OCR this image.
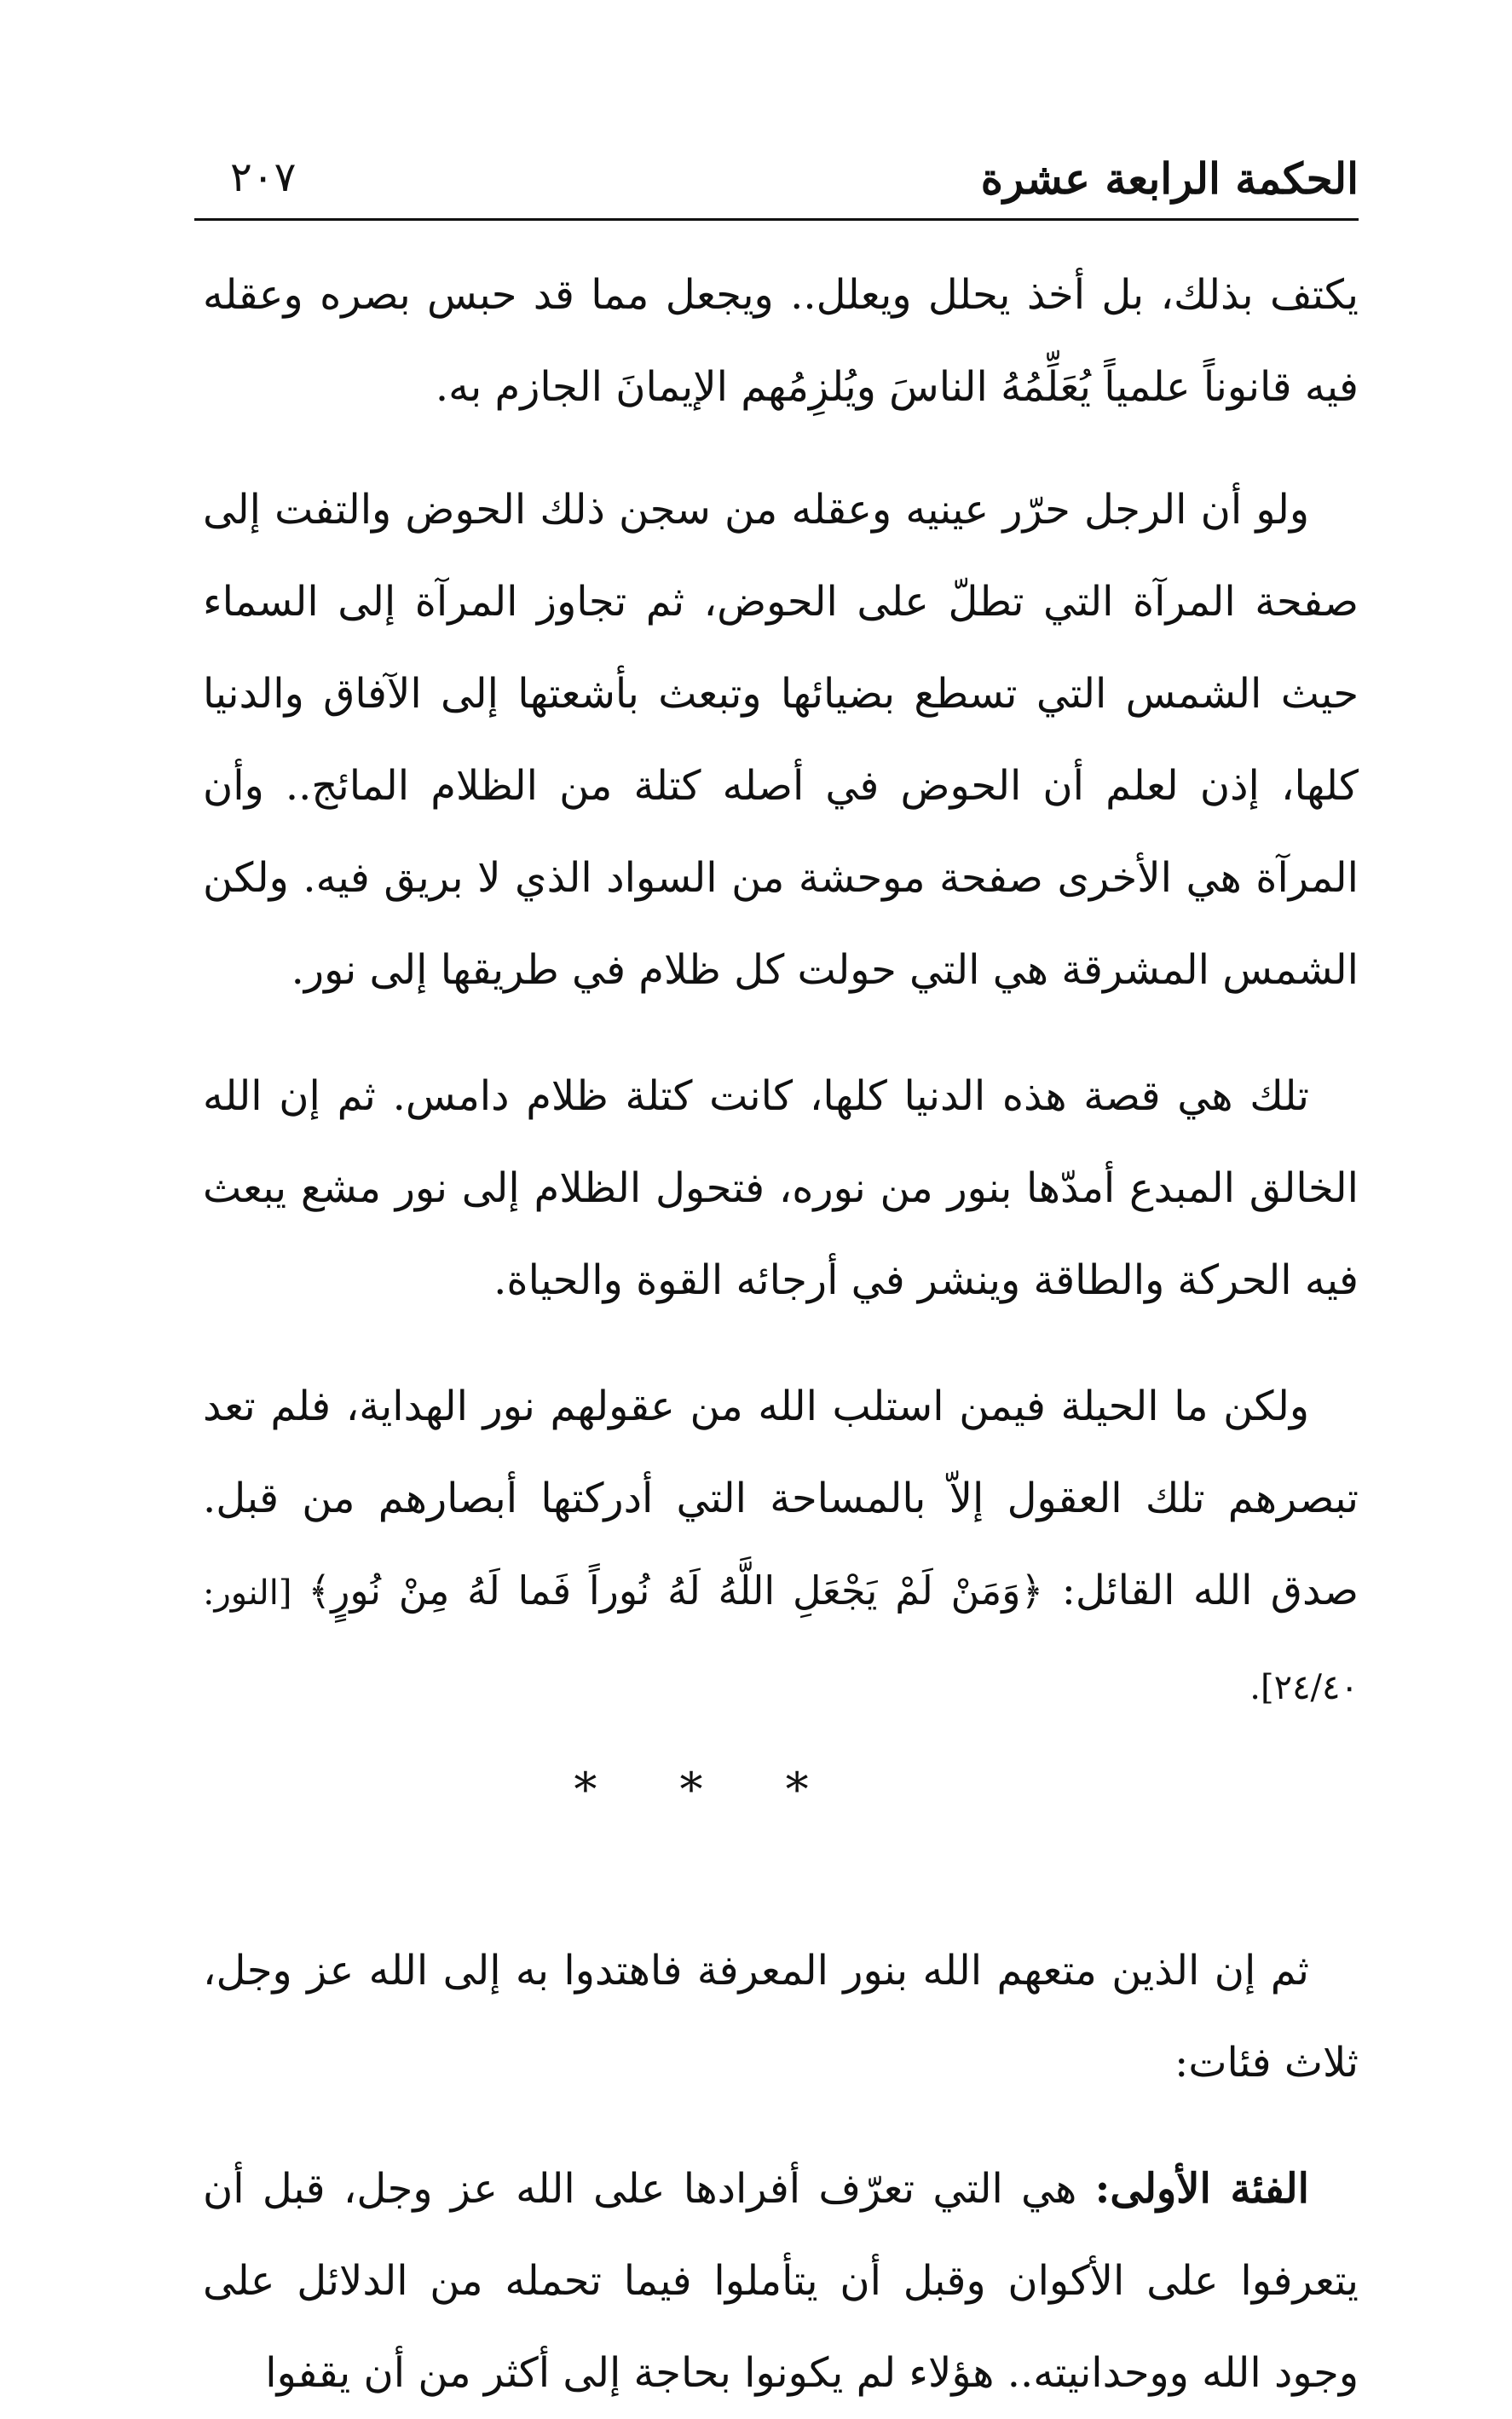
الحكمة الرابعة عشرة
٢٠٧

يكتف بذلك، بل أخذ يحلل ويعلل.. ويجعل مما قد حبس بصره وعقله فيه قانوناً علمياً يُعَلِّمُهُ الناسَ ويُلزِمُهم الإيمانَ الجازم به.

ولو أن الرجل حرّر عينيه وعقله من سجن ذلك الحوض والتفت إلى صفحة المرآة التي تطلّ على الحوض، ثم تجاوز المرآة إلى السماء حيث الشمس التي تسطع بضيائها وتبعث بأشعتها إلى الآفاق والدنيا كلها، إذن لعلم أن الحوض في أصله كتلة من الظلام المائج.. وأن المرآة هي الأخرى صفحة موحشة من السواد الذي لا بريق فيه. ولكن الشمس المشرقة هي التي حولت كل ظلام في طريقها إلى نور.

تلك هي قصة هذه الدنيا كلها، كانت كتلة ظلام دامس. ثم إن الله الخالق المبدع أمدّها بنور من نوره، فتحول الظلام إلى نور مشع يبعث فيه الحركة والطاقة وينشر في أرجائه القوة والحياة.

ولكن ما الحيلة فيمن استلب الله من عقولهم نور الهداية، فلم تعد تبصرهم تلك العقول إلاّ بالمساحة التي أدركتها أبصارهم من قبل. صدق الله القائل: ﴿وَمَنْ لَمْ يَجْعَلِ اللَّهُ لَهُ نُوراً فَما لَهُ مِنْ نُورٍ﴾ [النور: ٢٤/٤٠].

* * *

ثم إن الذين متعهم الله بنور المعرفة فاهتدوا به إلى الله عز وجل، ثلاث فئات:

الفئة الأولى: هي التي تعرّف أفرادها على الله عز وجل، قبل أن يتعرفوا على الأكوان وقبل أن يتأملوا فيما تحمله من الدلائل على وجود الله ووحدانيته.. هؤلاء لم يكونوا بحاجة إلى أكثر من أن يقفوا
